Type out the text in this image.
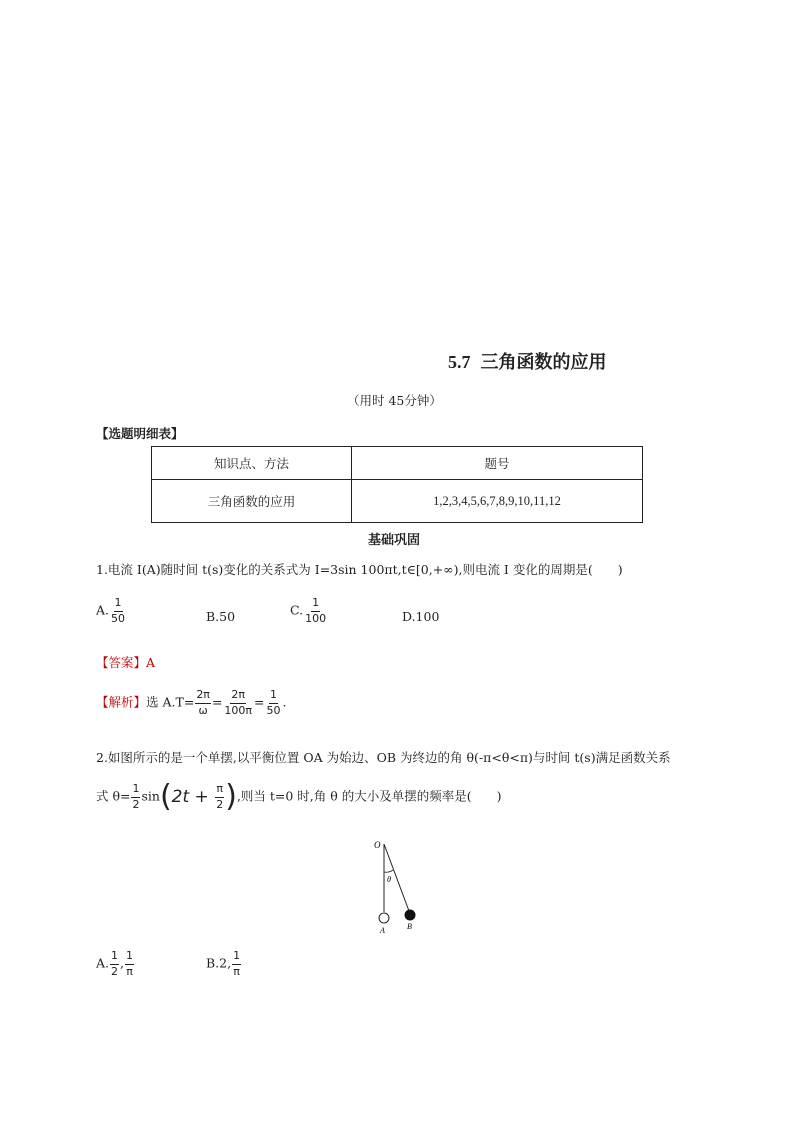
5.7 三角函数的应用
（用时 45分钟）
【选题明细表】
知识点、方法	题号
三角函数的应用	1,2,3,4,5,6,7,8,9,10,11,12
基础巩固
1.电流 I(A)随时间 t(s)变化的关系式为 I=3sin 100πt,t∈[0,+∞),则电流 I 变化的周期是(　　)
A. $\frac{1}{50}$	B.50	C. $\frac{1}{100}$	D.100
【答案】A
【解析】选 $A.T= \frac{2\pi}{\omega} = \frac{2\pi}{100\pi} = \frac{1}{50}$ .
2.如图所示的是一个单摆,以平衡位置 OA 为始边、OB 为终边的角 θ(-π<θ<π)与时间 t(s)满足函数关系
式 $\theta= \frac{1}{2} \sin(2t + \frac{\pi}{2}$ ),则当 t=0 时,角 θ 的大小及单摆的频率是(　　)
O
θ
A	B
A. $\frac{1}{2}$ , $\frac{1}{\pi}$	B.2, $\frac{1}{\pi}$
